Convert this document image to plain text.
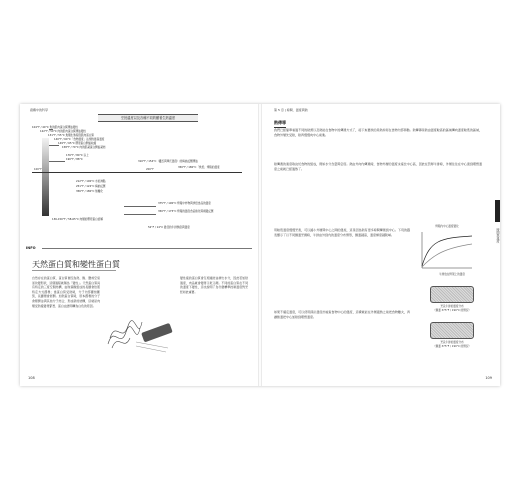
廚藝中的科學
烹飪溫度以及各種不同的顯著生熟溫度
100°F	200°F
104°F / 40°C 魚的肌肉蛋白質開始變性
122°F / 50°C 肉的肌肉蛋白質開始變性
131°F / 55°C 魚類生熟程度肌肉蛋白質
140°F / 60°C「食物溫度」法規的最高溫度
149°F / 65°C 膠原蛋白開始收縮
158°F / 70°C 肉的肌凝蛋白開始凝結
176°F / 80°C 以上
190°F / 88°C
212°F / 100°C 水的沸點
251°F / 122°C 梅納反應
356°F / 180°C 焦糖化
136-150°F / 58-65°C 肉類的膠原蛋白溶解
310°F / 154°C（攝氏與華氏溫度）的梅納反應開始
350°F / 180°C「烘焙」烤箱的溫度
375°F / 190°C 烤箱中炸物與烘焙食品的溫度
350°F / 175°C 烤箱的溫度食品焦化與褐變反應
52°F / 14°C 最佳的牛排熟度與溫度
INFO
天然蛋白質和變性蛋白質
自然存在的蛋白質，蛋白質會因為熱、酸、鹽或空氣而改變形狀，這個過程就稱為「變性」。天然蛋白質具有特定的三度空間結構，由胺基酸組成的長鏈會依照特定方式摺疊；當蛋白質受熱時，分子內部鍵結斷裂，長鏈便會展開。加熱蛋白質時，原本摺疊的分子會鬆開並與其他分子結合，形成新的結構，這就是肉類受熱後變得緊實、蛋白由透明轉為白色的原因。
變性後的蛋白質會互相連結並擠出水分，因此若加熱過度，肉品就會變得又乾又硬。不同的蛋白質在不同的溫度下變性，這也說明了為什麼精準控制溫度對烹飪如此重要。
108
第 5 章 | 時間、溫度與熱
熱傳導
我們已經簡單看過不同的熱源以及熱能在食物中的傳遞方式了，接下來要談的是熱如何在食物內部移動。熱傳導是熱由溫度較高的區域傳向溫度較低的區域，食物外層先受熱，熱再慢慢向中心前進。
熱傳遞的速度取決於食物的組成，例如水分含量與密度。熱由外向內傳遞時，食物外層的溫度永遠比中心高，因此在煎厚牛排時，外層往往在中心達到理想溫度之前就已經過熟了。
用較低溫度慢慢烹煮，可以縮小外層與中心之間的溫差，這是因為熱有更多時間傳遞到中心。下頁的圖表顯示了以不同鍋溫烹調時，牛排由外到內的溫度分布情形，鍋溫越高，溫度梯度越陡峭。
如果不確定溫度，可以使用探針溫度計檢查食物中心的溫度，這樣就能在外層過熟之前把食物離火，再讓餘溫把中心加熱到理想溫度。
烤箱內中心溫度變化
牛排放在烤架上的溫度
烹煮牛排的溫度分布
（鍋溫 375°F / 190°C 的情況）
烹煮牛排的溫度分布
（鍋溫 375°F / 190°C 的情況）
時間與溫度
109
